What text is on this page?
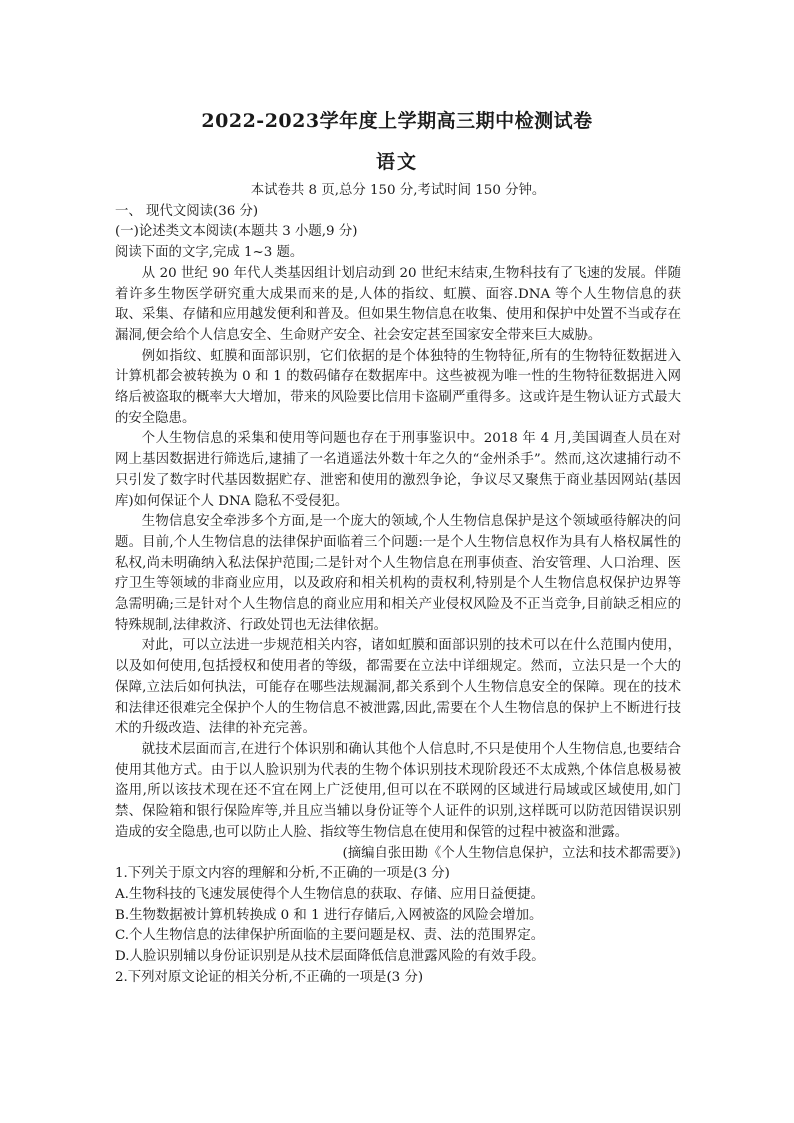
2022-2023学年度上学期高三期中检测试卷
语文

本试卷共 8 页,总分 150 分,考试时间 150 分钟。

一、 现代文阅读(36 分)

(一)论述类文本阅读(本题共 3 小题,9 分)

阅读下面的文字,完成 1~3 题。

从 20 世纪 90 年代人类基因组计划启动到 20 世纪末结束,生物科技有了飞速的发展。伴随着许多生物医学研究重大成果而来的是,人体的指纹、虹膜、面容.DNA 等个人生物信息的获取、采集、存储和应用越发便利和普及。但如果生物信息在收集、使用和保护中处置不当或存在漏洞,便会给个人信息安全、生命财产安全、社会安定甚至国家安全带来巨大威胁。

例如指纹、虹膜和面部识别，它们依据的是个体独特的生物特征,所有的生物特征数据进入计算机都会被转换为 0 和 1 的数码储存在数据库中。这些被视为唯一性的生物特征数据进入网络后被盗取的概率大大增加，带来的风险要比信用卡盗刷严重得多。这或许是生物认证方式最大的安全隐患。

个人生物信息的采集和使用等问题也存在于刑事鉴识中。2018 年 4 月,美国调查人员在对网上基因数据进行筛选后,逮捕了一名逍遥法外数十年之久的“金州杀手”。然而,这次逮捕行动不只引发了数字时代基因数据贮存、泄密和使用的激烈争论，争议尽又聚焦于商业基因网站(基因库)如何保证个人 DNA 隐私不受侵犯。

生物信息安全牵涉多个方面,是一个庞大的领域,个人生物信息保护是这个领域亟待解决的问题。目前,个人生物信息的法律保护面临着三个问题:一是个人生物信息权作为具有人格权属性的私权,尚未明确纳入私法保护范围;二是针对个人生物信息在刑事侦查、治安管理、人口治理、医疗卫生等领域的非商业应用，以及政府和相关机构的责权利,特别是个人生物信息权保护边界等急需明确;三是针对个人生物信息的商业应用和相关产业侵权风险及不正当竞争,目前缺乏相应的特殊规制,法律救济、行政处罚也无法律依据。

对此，可以立法进一步规范相关内容，诸如虹膜和面部识别的技术可以在什么范围内使用，以及如何使用,包括授权和使用者的等级，都需要在立法中详细规定。然而，立法只是一个大的保障,立法后如何执法，可能存在哪些法规漏洞,都关系到个人生物信息安全的保障。现在的技术和法律还很难完全保护个人的生物信息不被泄露,因此,需要在个人生物信息的保护上不断进行技术的升级改造、法律的补充完善。

就技术层面而言,在进行个体识别和确认其他个人信息时,不只是使用个人生物信息,也要结合使用其他方式。由于以人脸识别为代表的生物个体识别技术现阶段还不太成熟,个体信息极易被盗用,所以该技术现在还不宜在网上广泛使用,但可以在不联网的区域进行局域或区域使用,如门禁、保险箱和银行保险库等,并且应当辅以身份证等个人证件的识别,这样既可以防范因错误识别造成的安全隐患,也可以防止人脸、指纹等生物信息在使用和保管的过程中被盗和泄露。

(摘编自张田勘《个人生物信息保护，立法和技术都需要》)

1.下列关于原文内容的理解和分析,不正确的一项是(3 分)

A.生物科技的飞速发展使得个人生物信息的获取、存储、应用日益便捷。

B.生物数据被计算机转换成 0 和 1 进行存储后,入网被盗的风险会增加。

C.个人生物信息的法律保护所面临的主要问题是权、责、法的范围界定。

D.人脸识别辅以身份证识别是从技术层面降低信息泄露风险的有效手段。

2.下列对原文论证的相关分析,不正确的一项是(3 分)
